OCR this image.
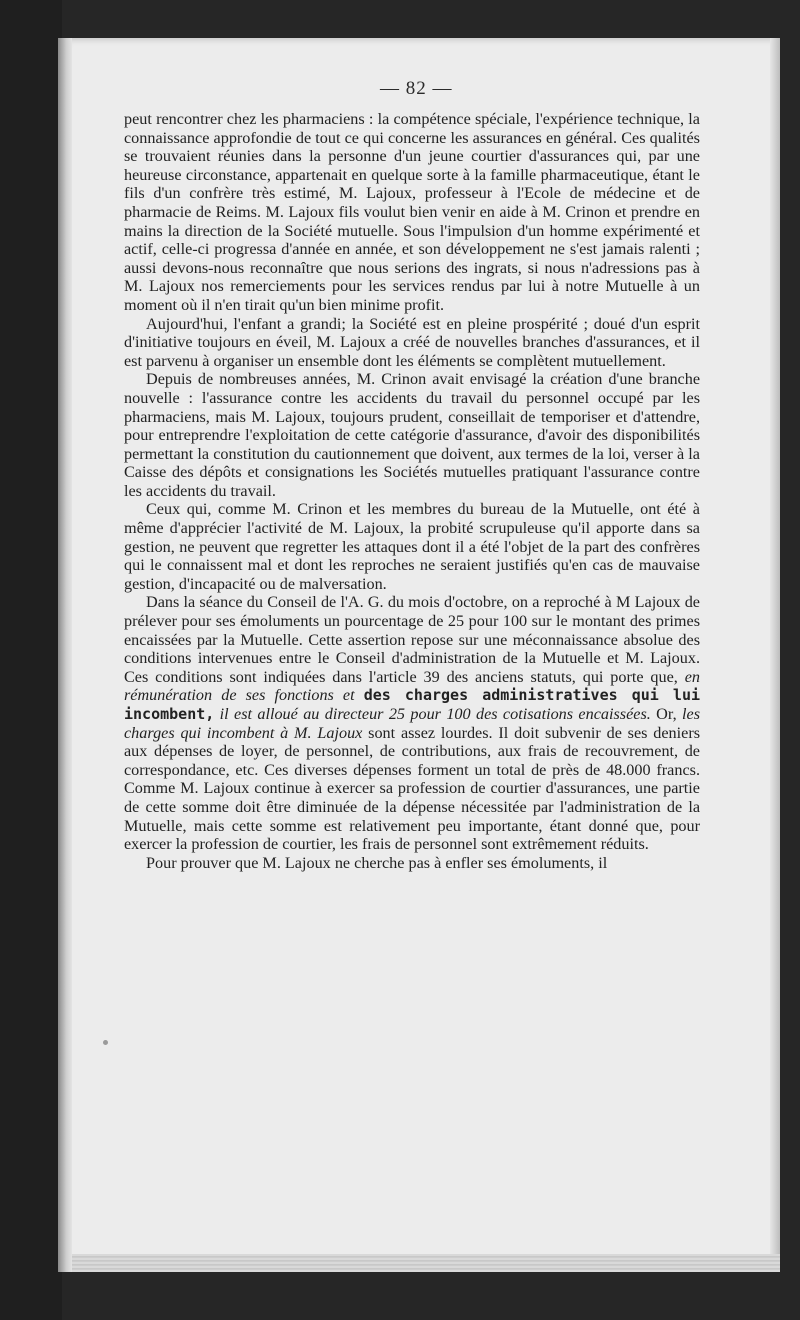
— 82 —

peut rencontrer chez les pharmaciens : la compétence spéciale, l'expérience technique, la connaissance approfondie de tout ce qui concerne les assurances en général. Ces qualités se trouvaient réunies dans la personne d'un jeune courtier d'assurances qui, par une heureuse circonstance, appartenait en quelque sorte à la famille pharmaceutique, étant le fils d'un confrère très estimé, M. Lajoux, professeur à l'Ecole de médecine et de pharmacie de Reims. M. Lajoux fils voulut bien venir en aide à M. Crinon et prendre en mains la direction de la Société mutuelle. Sous l'impulsion d'un homme expérimenté et actif, celle-ci progressa d'année en année, et son développement ne s'est jamais ralenti ; aussi devons-nous reconnaître que nous serions des ingrats, si nous n'adressions pas à M. Lajoux nos remerciements pour les services rendus par lui à notre Mutuelle à un moment où il n'en tirait qu'un bien minime profit.

Aujourd'hui, l'enfant a grandi; la Société est en pleine prospérité ; doué d'un esprit d'initiative toujours en éveil, M. Lajoux a créé de nouvelles branches d'assurances, et il est parvenu à organiser un ensemble dont les éléments se complètent mutuellement.

Depuis de nombreuses années, M. Crinon avait envisagé la création d'une branche nouvelle : l'assurance contre les accidents du travail du personnel occupé par les pharmaciens, mais M. Lajoux, toujours prudent, conseillait de temporiser et d'attendre, pour entreprendre l'exploitation de cette catégorie d'assurance, d'avoir des disponibilités permettant la constitution du cautionnement que doivent, aux termes de la loi, verser à la Caisse des dépôts et consignations les Sociétés mutuelles pratiquant l'assurance contre les accidents du travail.

Ceux qui, comme M. Crinon et les membres du bureau de la Mutuelle, ont été à même d'apprécier l'activité de M. Lajoux, la probité scrupuleuse qu'il apporte dans sa gestion, ne peuvent que regretter les attaques dont il a été l'objet de la part des confrères qui le connaissent mal et dont les reproches ne seraient justifiés qu'en cas de mauvaise gestion, d'incapacité ou de malversation.

Dans la séance du Conseil de l'A. G. du mois d'octobre, on a reproché à M Lajoux de prélever pour ses émoluments un pourcentage de 25 pour 100 sur le montant des primes encaissées par la Mutuelle. Cette assertion repose sur une méconnaissance absolue des conditions intervenues entre le Conseil d'administration de la Mutuelle et M. Lajoux. Ces conditions sont indiquées dans l'article 39 des anciens statuts, qui porte que, en rémunération de ses fonctions et des charges administratives qui lui incombent, il est alloué au directeur 25 pour 100 des cotisations encaissées. Or, les charges qui incombent à M. Lajoux sont assez lourdes. Il doit subvenir de ses deniers aux dépenses de loyer, de personnel, de contributions, aux frais de recouvrement, de correspondance, etc. Ces diverses dépenses forment un total de près de 48.000 francs. Comme M. Lajoux continue à exercer sa profession de courtier d'assurances, une partie de cette somme doit être diminuée de la dépense nécessitée par l'administration de la Mutuelle, mais cette somme est relativement peu importante, étant donné que, pour exercer la profession de courtier, les frais de personnel sont extrêmement réduits.

Pour prouver que M. Lajoux ne cherche pas à enfler ses émoluments, il
